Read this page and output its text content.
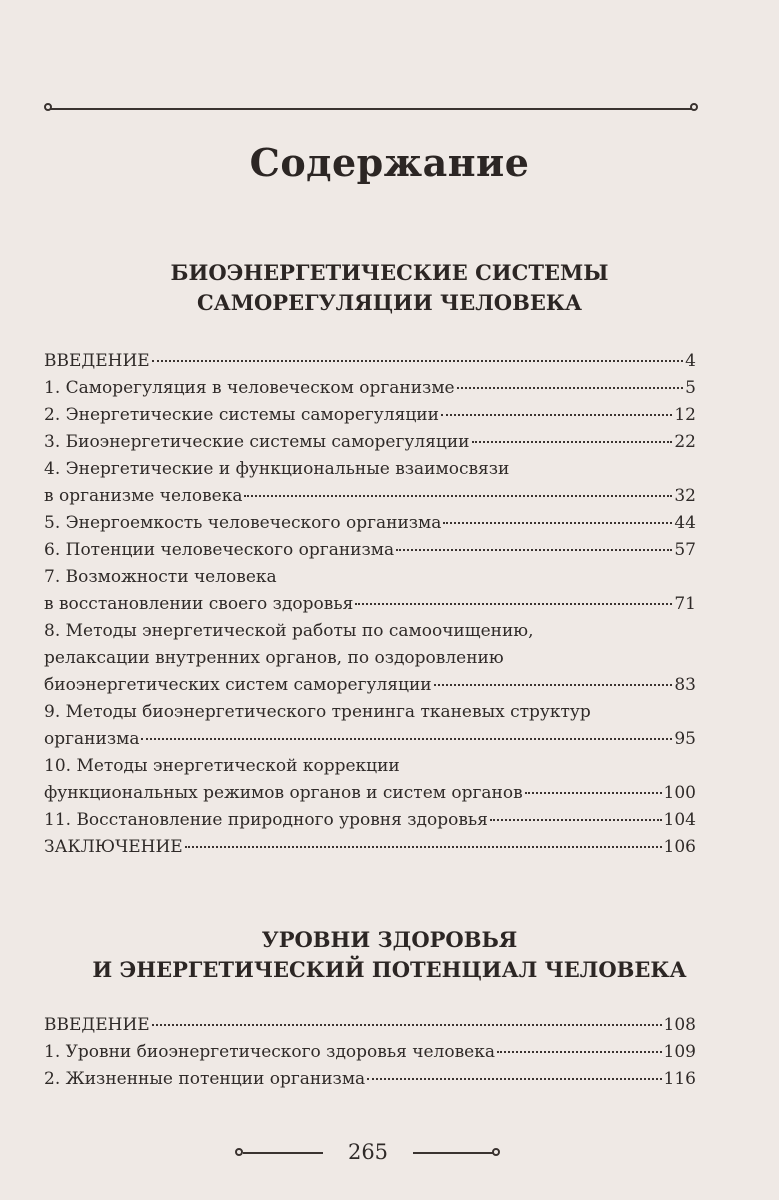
Содержание
БИОЭНЕРГЕТИЧЕСКИЕ СИСТЕМЫ
САМОРЕГУЛЯЦИИ ЧЕЛОВЕКА
ВВЕДЕНИЕ	4
1. Саморегуляция в человеческом организме	5
2. Энергетические системы саморегуляции	12
3. Биоэнергетические системы саморегуляции	22
4. Энергетические и функциональные взаимосвязи
в организме человека	32
5. Энергоемкость человеческого организма	44
6. Потенции человеческого организма	57
7. Возможности человека
в восстановлении своего здоровья	71
8. Методы энергетической работы по самоочищению,
релаксации внутренних органов, по оздоровлению
биоэнергетических систем саморегуляции	83
9. Методы биоэнергетического тренинга тканевых структур
организма	95
10. Методы энергетической коррекции
функциональных режимов органов и систем органов	100
11. Восстановление природного уровня здоровья	104
ЗАКЛЮЧЕНИЕ	106
УРОВНИ ЗДОРОВЬЯ
И ЭНЕРГЕТИЧЕСКИЙ ПОТЕНЦИАЛ ЧЕЛОВЕКА
ВВЕДЕНИЕ	108
1. Уровни биоэнергетического здоровья человека	109
2. Жизненные потенции организма	116
265
